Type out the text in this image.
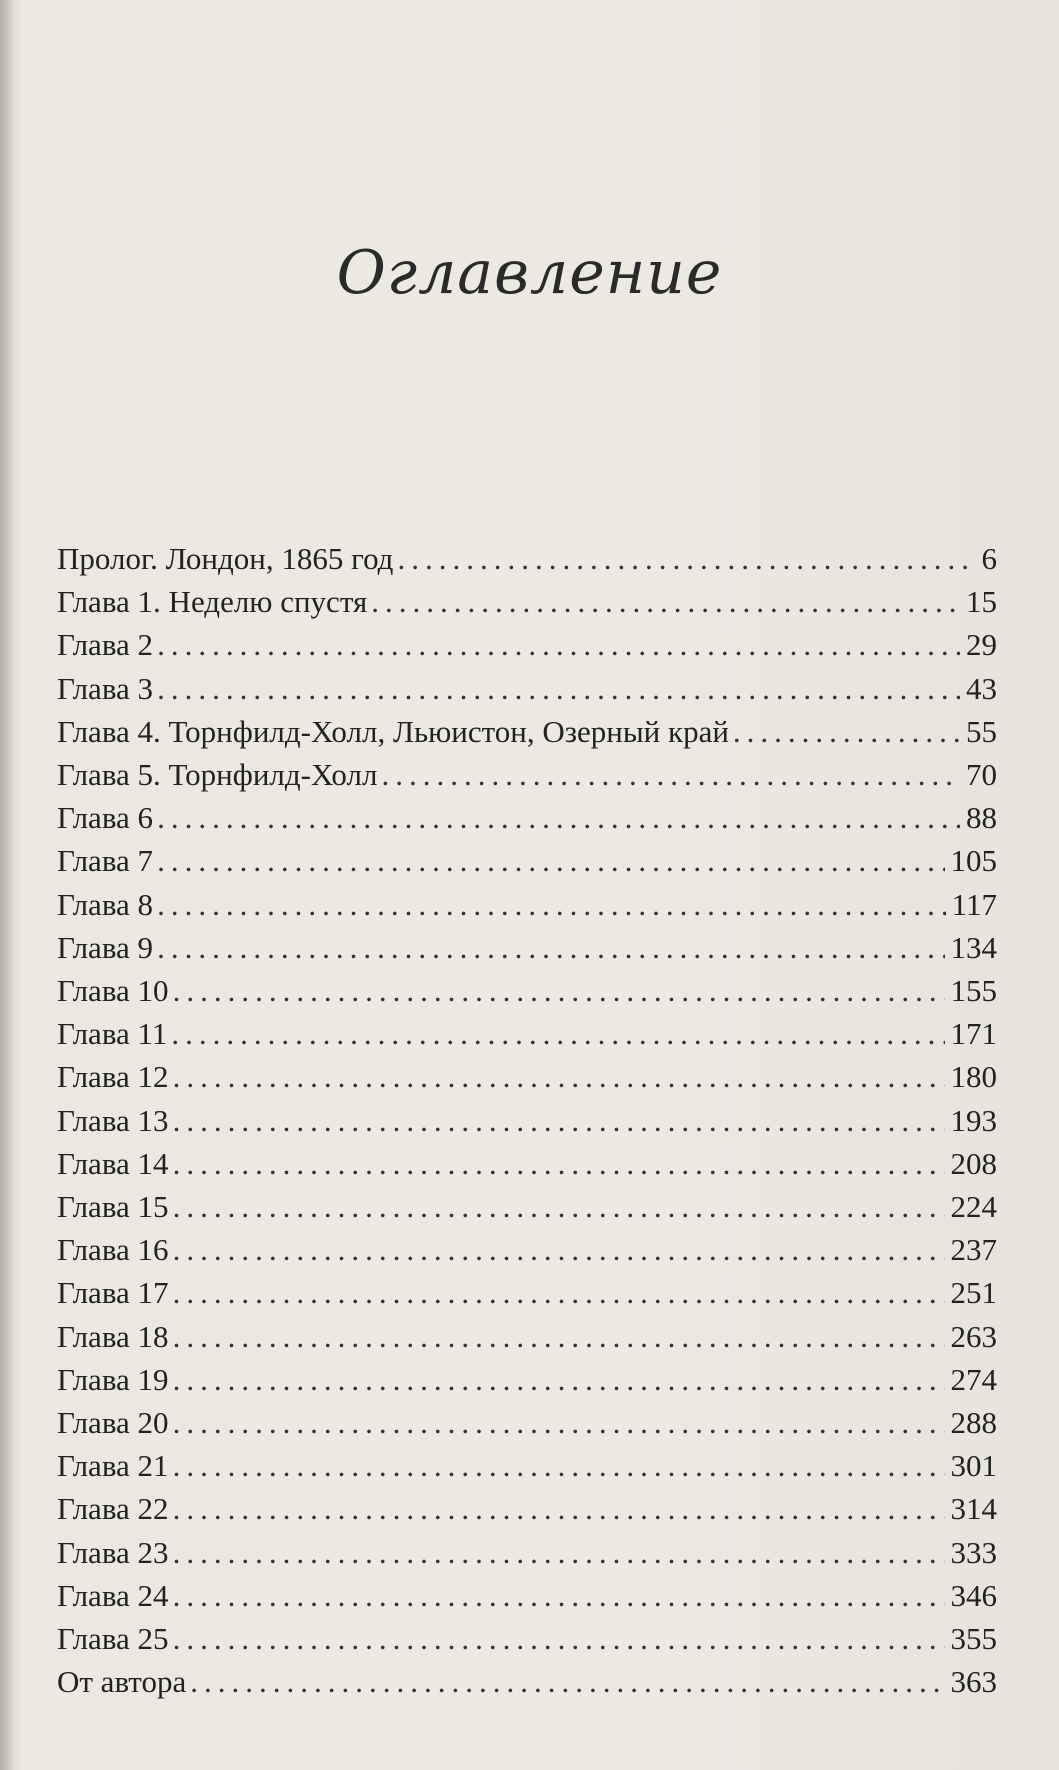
Оглавление
Пролог. Лондон, 1865 год .....	6
Глава 1. Неделю спустя .....	15
Глава 2 .....	29
Глава 3 .....	43
Глава 4. Торнфилд-Холл, Льюистон, Озерный край .....	55
Глава 5. Торнфилд-Холл .....	70
Глава 6 .....	88
Глава 7 .....	105
Глава 8 .....	117
Глава 9 .....	134
Глава 10 .....	155
Глава 11 .....	171
Глава 12 .....	180
Глава 13 .....	193
Глава 14 .....	208
Глава 15 .....	224
Глава 16 .....	237
Глава 17 .....	251
Глава 18 .....	263
Глава 19 .....	274
Глава 20 .....	288
Глава 21 .....	301
Глава 22 .....	314
Глава 23 .....	333
Глава 24 .....	346
Глава 25 .....	355
От автора .....	363
